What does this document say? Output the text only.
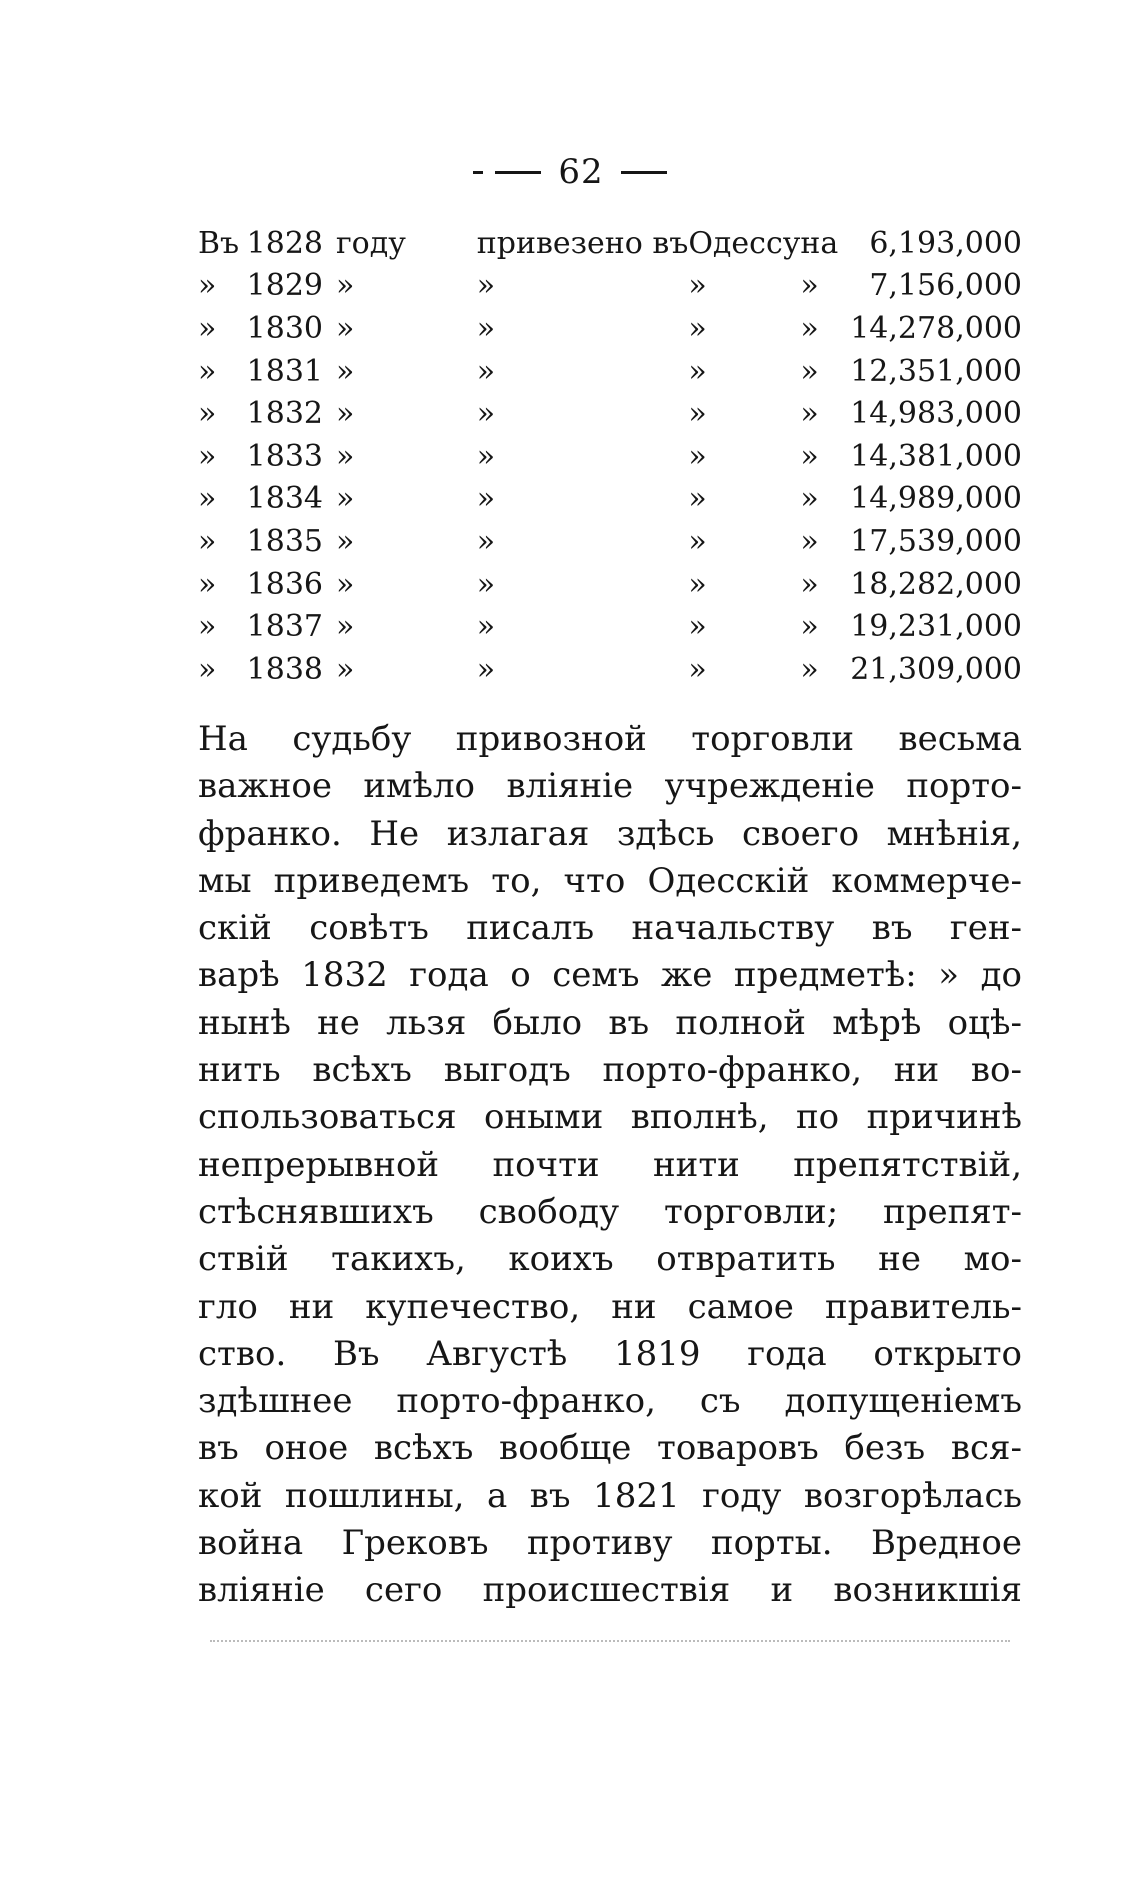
62
Въ	1828	году	привезено въ	Одессу	на	6,193,000
»	1829	»	»	»	»	7,156,000
»	1830	»	»	»	»	14,278,000
»	1831	»	»	»	»	12,351,000
»	1832	»	»	»	»	14,983,000
»	1833	»	»	»	»	14,381,000
»	1834	»	»	»	»	14,989,000
»	1835	»	»	»	»	17,539,000
»	1836	»	»	»	»	18,282,000
»	1837	»	»	»	»	19,231,000
»	1838	»	»	»	»	21,309,000
На судьбу привозной торговли весьма
важное имѣло вліяніе учрежденіе порто-
франко. Не излагая здѣсь своего мнѣнія,
мы приведемъ то, что Одесскій коммерче-
скій совѣтъ писалъ начальству въ ген-
варѣ 1832 года о семъ же предметѣ: » до
нынѣ не льзя было въ полной мѣрѣ оцѣ-
нить всѣхъ выгодъ порто-франко, ни во-
спользоваться оными вполнѣ, по причинѣ
непрерывной почти нити препятствій,
стѣснявшихъ свободу торговли; препят-
ствій такихъ, коихъ отвратить не мо-
гло ни купечество, ни самое правитель-
ство. Въ Августѣ 1819 года открыто
здѣшнее порто-франко, съ допущеніемъ
въ оное всѣхъ вообще товаровъ безъ вся-
кой пошлины, а въ 1821 году возгорѣлась
война Грековъ противу порты. Вредное
вліяніе сего происшествія и возникшія
